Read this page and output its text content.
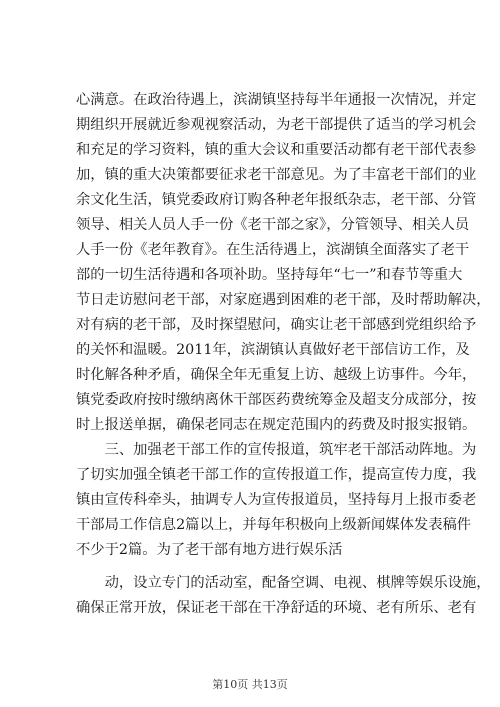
心满意。在政治待遇上，滨湖镇坚持每半年通报一次情况，并定
期组织开展就近参观视察活动，为老干部提供了适当的学习机会
和充足的学习资料，镇的重大会议和重要活动都有老干部代表参
加，镇的重大决策都要征求老干部意见。为了丰富老干部们的业
余文化生活，镇党委政府订购各种老年报纸杂志，老干部、分管
领导、相关人员人手一份《老干部之家》，分管领导、相关人员
人手一份《老年教育》。在生活待遇上，滨湖镇全面落实了老干
部的一切生活待遇和各项补助。坚持每年“七一”和春节等重大
节日走访慰问老干部，对家庭遇到困难的老干部，及时帮助解决，
对有病的老干部，及时探望慰问，确实让老干部感到党组织给予
的关怀和温暖。2011年，滨湖镇认真做好老干部信访工作，及
时化解各种矛盾，确保全年无重复上访、越级上访事件。今年，
镇党委政府按时缴纳离休干部医药费统筹金及超支分成部分，按
时上报送单据，确保老同志在规定范围内的药费及时报实报销。
　　三、加强老干部工作的宣传报道，筑牢老干部活动阵地。为
了切实加强全镇老干部工作的宣传报道工作，提高宣传力度，我
镇由宣传科牵头，抽调专人为宣传报道员，坚持每月上报市委老
干部局工作信息2篇以上，并每年积极向上级新闻媒体发表稿件
不少于2篇。为了老干部有地方进行娱乐活
　　动，设立专门的活动室，配备空调、电视、棋牌等娱乐设施，
确保正常开放，保证老干部在干净舒适的环境、老有所乐、老有
第10页 共13页
